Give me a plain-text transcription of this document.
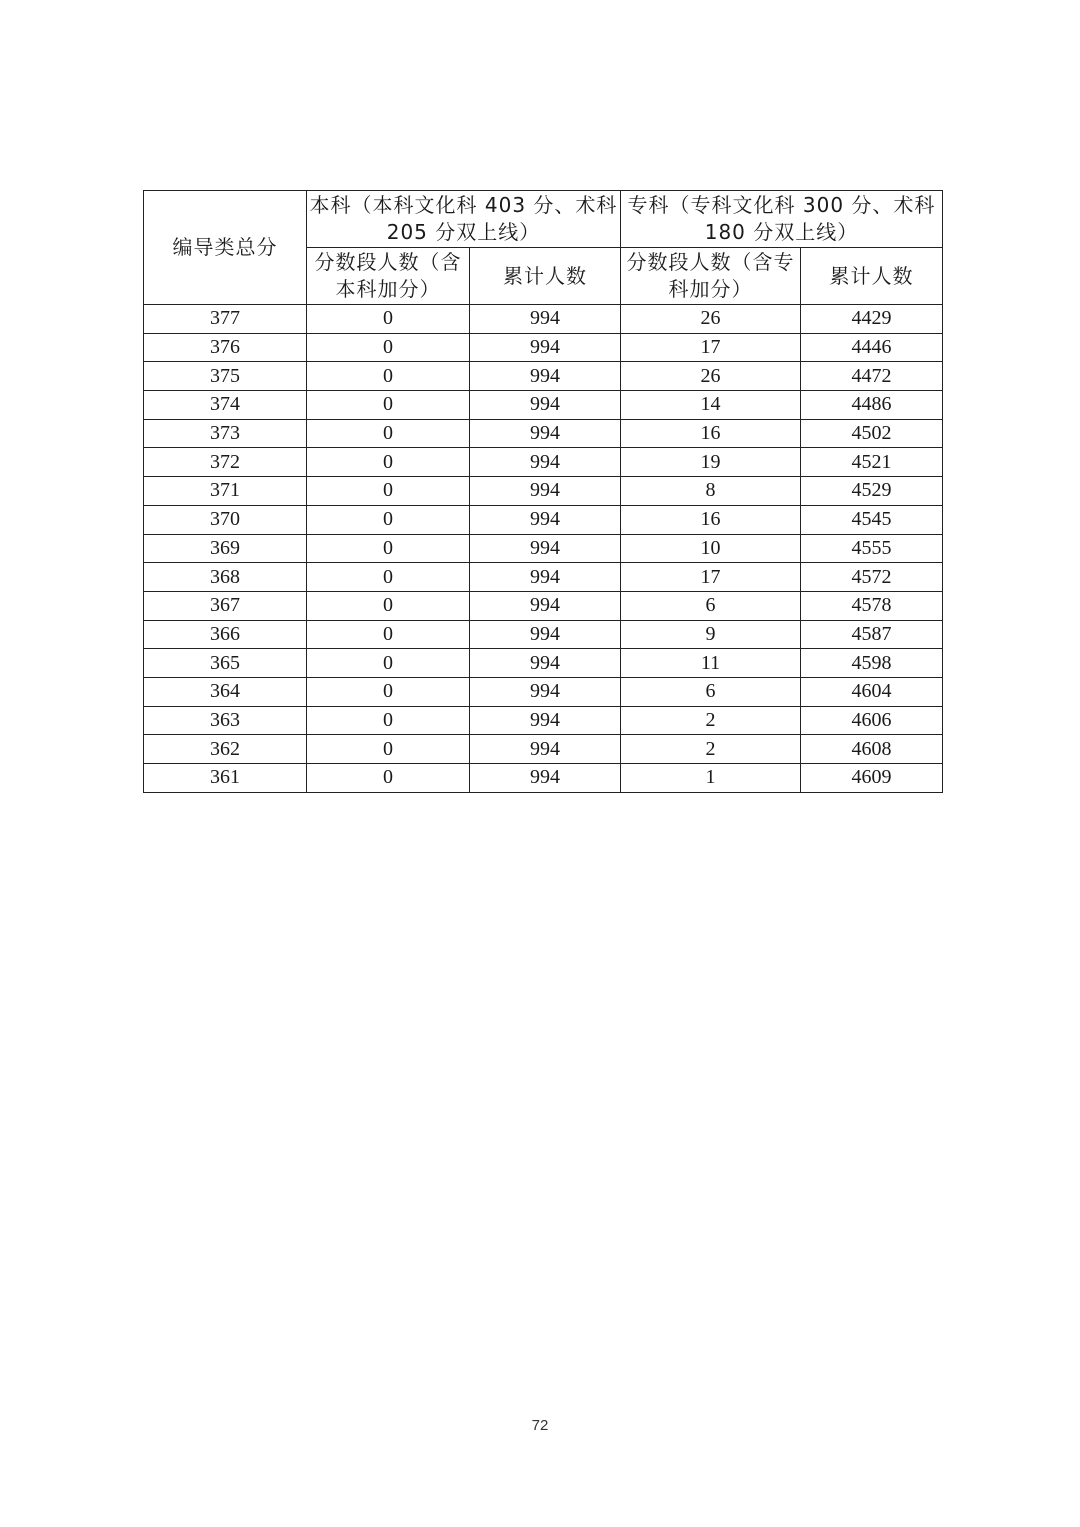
编导类总分	本科（本科文化科 403 分、术科 205 分双上线）		专科（专科文化科 300 分、术科 180 分双上线）	
	分数段人数（含本科加分）	累计人数	分数段人数（含专科加分）	累计人数
377	0	994	26	4429
376	0	994	17	4446
375	0	994	26	4472
374	0	994	14	4486
373	0	994	16	4502
372	0	994	19	4521
371	0	994	8	4529
370	0	994	16	4545
369	0	994	10	4555
368	0	994	17	4572
367	0	994	6	4578
366	0	994	9	4587
365	0	994	11	4598
364	0	994	6	4604
363	0	994	2	4606
362	0	994	2	4608
361	0	994	1	4609
72
